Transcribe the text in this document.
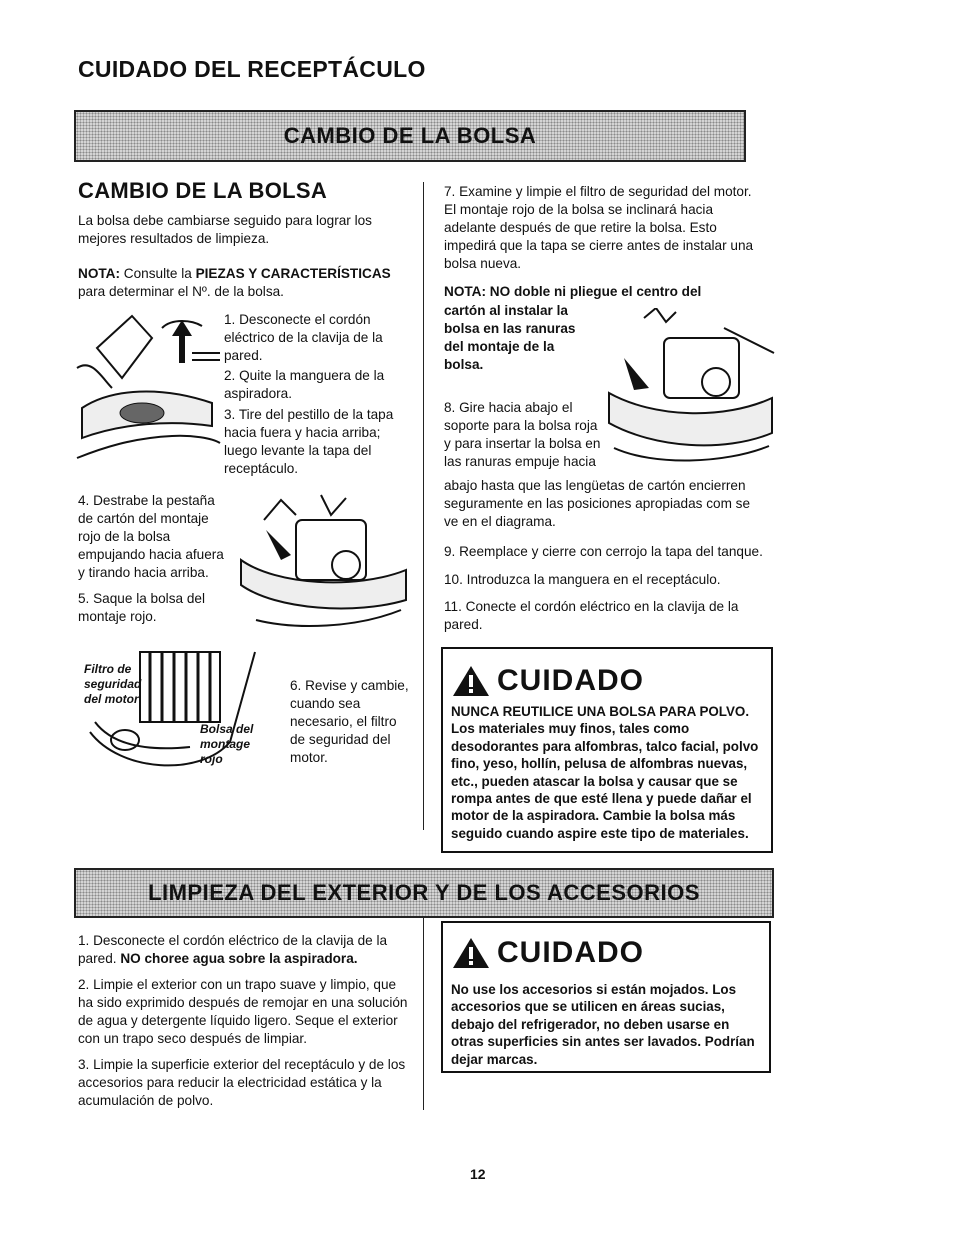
CUIDADO DEL RECEPTÁCULO
CAMBIO DE LA BOLSA
CAMBIO DE LA BOLSA
La bolsa debe cambiarse seguido para lograr los mejores resultados de limpieza.
NOTA: Consulte la PIEZAS Y CARACTERÍSTICAS
para determinar el Nº. de la bolsa.
1. Desconecte el cordón eléctrico de la clavija de la pared.
2. Quite la manguera de la aspiradora.
3. Tire del pestillo de la tapa hacia fuera y hacia arriba; luego levante la tapa del receptáculo.
4. Destrabe la pestaña de cartón del montaje rojo de la bolsa empujando hacia afuera y tirando hacia arriba.
5. Saque la bolsa del montaje rojo.
Filtro de
seguridad
del motor
Bolsa del
montage
rojo
6. Revise y cambie, cuando sea necesario, el filtro de seguridad del motor.
7. Examine y limpie el filtro de seguridad del motor. El montaje rojo de la bolsa se inclinará hacia adelante después de que retire la bolsa. Esto impedirá que la tapa se cierre antes de instalar una bolsa nueva.
NOTA: NO doble ni pliegue el centro del
cartón al instalar la bolsa en las ranuras del montaje de la bolsa.
8. Gire hacia abajo el soporte para la bolsa roja y para insertar la bolsa en las ranuras empuje hacia
abajo hasta que las lengüetas de cartón encierren seguramente en las posiciones apropiadas com se ve en el diagrama.
9. Reemplace y cierre con cerrojo la tapa del tanque.
10. Introduzca la manguera en el receptáculo.
11. Conecte el cordón eléctrico en la clavija de la pared.
CUIDADO
NUNCA REUTILICE UNA BOLSA PARA POLVO. Los materiales muy finos, tales como desodorantes para alfombras, talco facial, polvo fino, yeso, hollín, pelusa de alfombras nuevas, etc., pueden atascar la bolsa y causar que se rompa antes de que esté llena y puede dañar el motor de la aspiradora. Cambie la bolsa más seguido cuando aspire este tipo de materiales.
LIMPIEZA DEL EXTERIOR Y DE LOS ACCESORIOS
1. Desconecte el cordón eléctrico de la clavija de la pared. NO choree agua sobre la aspiradora.
2. Limpie el exterior con un trapo suave y limpio, que ha sido exprimido después de remojar en una solución de agua y detergente líquido ligero. Seque el exterior con un trapo seco después de limpiar.
3. Limpie la superficie exterior del receptáculo y de los accesorios para reducir la electricidad estática y la acumulación de polvo.
CUIDADO
No use los accesorios si están mojados. Los accesorios que se utilicen en áreas sucias, debajo del refrigerador, no deben usarse en otras superficies sin antes ser lavados. Podrían dejar marcas.
12
